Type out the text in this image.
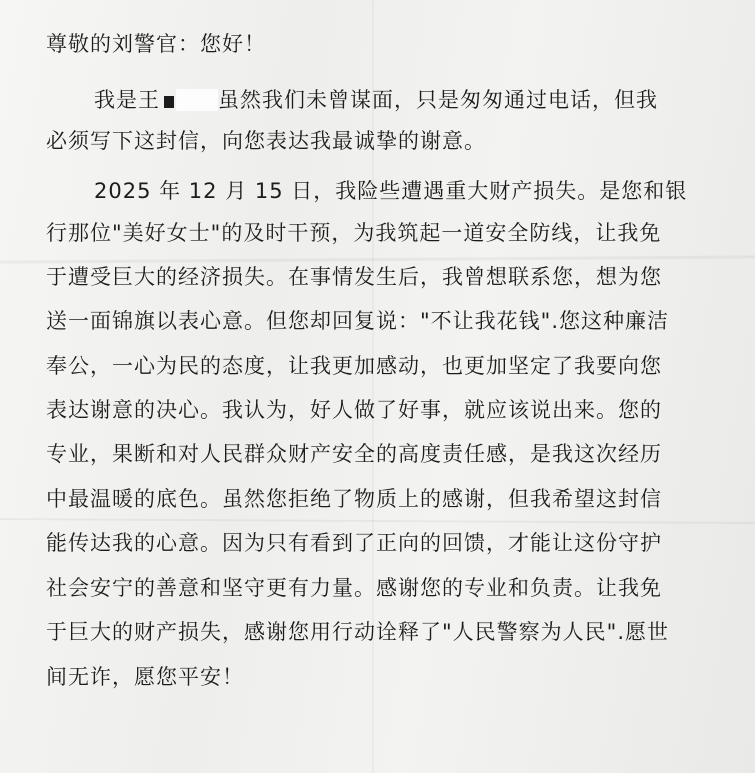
尊敬的刘警官：您好！
我是王	虽然我们未曾谋面，只是匆匆通过电话，但我
必须写下这封信，向您表达我最诚挚的谢意。
2025 年 12 月 15 日，我险些遭遇重大财产损失。是您和银
行那位"美好女士"的及时干预，为我筑起一道安全防线，让我免
于遭受巨大的经济损失。在事情发生后，我曾想联系您，想为您
送一面锦旗以表心意。但您却回复说："不让我花钱".您这种廉洁
奉公，一心为民的态度，让我更加感动，也更加坚定了我要向您
表达谢意的决心。我认为，好人做了好事，就应该说出来。您的
专业，果断和对人民群众财产安全的高度责任感，是我这次经历
中最温暖的底色。虽然您拒绝了物质上的感谢，但我希望这封信
能传达我的心意。因为只有看到了正向的回馈，才能让这份守护
社会安宁的善意和坚守更有力量。感谢您的专业和负责。让我免
于巨大的财产损失，感谢您用行动诠释了"人民警察为人民".愿世
间无诈，愿您平安！
